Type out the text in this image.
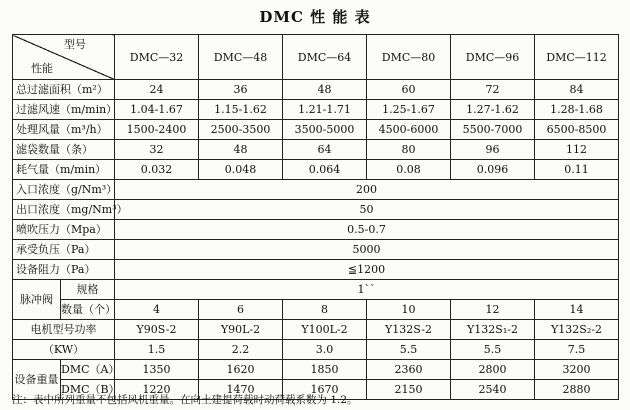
DMC 性 能 表
型号
性能		DMC—32	DMC—48	DMC—64	DMC—80	DMC—96	DMC—112
总过滤面积（m²）		24	36	48	60	72	84
过滤风速（m/min）		1.04-1.67	1.15-1.62	1.21-1.71	1.25-1.67	1.27-1.62	1.28-1.68
处理风量（m³/h）		1500-2400	2500-3500	3500-5000	4500-6000	5500-7000	6500-8500
滤袋数量（条）		32	48	64	80	96	112
耗气量（m/min）		0.032	0.048	0.064	0.08	0.096	0.11
入口浓度（g/Nm³）		200					
出口浓度（mg/Nm³）		50					
喷吹压力（Mpa）		0.5-0.7					
承受负压（Pa）		5000					
设备阻力（Pa）		≦1200					
脉冲阀	规格	1``					
	数量（个）	4	6	8	10	12	14
电机型号功率		Y90S-2	Y90L-2	Y100L-2	Y132S-2	Y132S₁-2	Y132S₂-2
（KW）		1.5	2.2	3.0	5.5	5.5	7.5
设备重量	DMC（A）	1350	1620	1850	2360	2800	3200
	DMC（B）	1220	1470	1670	2150	2540	2880
注：表中所列重量不包括风机重量。在向土建提荷载时动荷载系数为 1.2。
